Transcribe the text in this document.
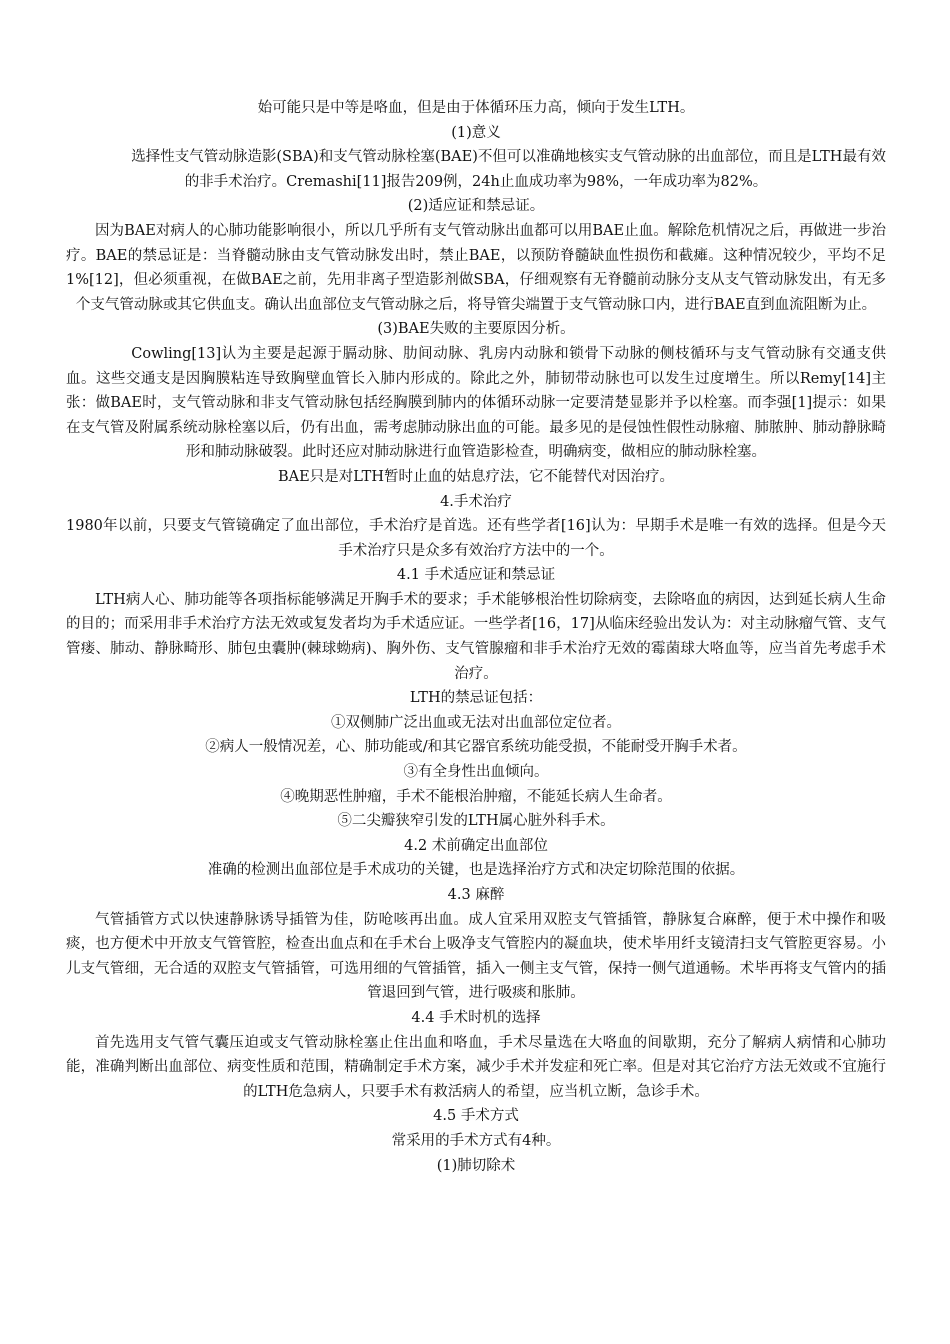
始可能只是中等是咯血，但是由于体循环压力高，倾向于发生LTH。

(1)意义

选择性支气管动脉造影(SBA)和支气管动脉栓塞(BAE)不但可以准确地核实支气管动脉的出血部位，而且是LTH最有效的非手术治疗。Cremashi[11]报告209例，24h止血成功率为98%，一年成功率为82%。

(2)适应证和禁忌证。

因为BAE对病人的心肺功能影响很小，所以几乎所有支气管动脉出血都可以用BAE止血。解除危机情况之后，再做进一步治疗。BAE的禁忌证是：当脊髓动脉由支气管动脉发出时，禁止BAE，以预防脊髓缺血性损伤和截瘫。这种情况较少，平均不足1%[12]，但必须重视，在做BAE之前，先用非离子型造影剂做SBA，仔细观察有无脊髓前动脉分支从支气管动脉发出，有无多个支气管动脉或其它供血支。确认出血部位支气管动脉之后，将导管尖端置于支气管动脉口内，进行BAE直到血流阻断为止。

(3)BAE失败的主要原因分析。

Cowling[13]认为主要是起源于膈动脉、肋间动脉、乳房内动脉和锁骨下动脉的侧枝循环与支气管动脉有交通支供血。这些交通支是因胸膜粘连导致胸壁血管长入肺内形成的。除此之外，肺韧带动脉也可以发生过度增生。所以Remy[14]主张：做BAE时，支气管动脉和非支气管动脉包括经胸膜到肺内的体循环动脉一定要清楚显影并予以栓塞。而李强[1]提示：如果在支气管及附属系统动脉栓塞以后，仍有出血，需考虑肺动脉出血的可能。最多见的是侵蚀性假性动脉瘤、肺脓肿、肺动静脉畸形和肺动脉破裂。此时还应对肺动脉进行血管造影检查，明确病变，做相应的肺动脉栓塞。

BAE只是对LTH暂时止血的姑息疗法，它不能替代对因治疗。

4.手术治疗

1980年以前，只要支气管镜确定了血出部位，手术治疗是首选。还有些学者[16]认为：早期手术是唯一有效的选择。但是今天手术治疗只是众多有效治疗方法中的一个。

4.1 手术适应证和禁忌证

LTH病人心、肺功能等各项指标能够满足开胸手术的要求；手术能够根治性切除病变，去除咯血的病因，达到延长病人生命的目的；而采用非手术治疗方法无效或复发者均为手术适应证。一些学者[16，17]从临床经验出发认为：对主动脉瘤气管、支气管瘘、肺动、静脉畸形、肺包虫囊肿(棘球蚴病)、胸外伤、支气管腺瘤和非手术治疗无效的霉菌球大咯血等，应当首先考虑手术治疗。

LTH的禁忌证包括：

①双侧肺广泛出血或无法对出血部位定位者。

②病人一般情况差，心、肺功能或/和其它器官系统功能受损，不能耐受开胸手术者。

③有全身性出血倾向。

④晚期恶性肿瘤，手术不能根治肿瘤，不能延长病人生命者。

⑤二尖瓣狭窄引发的LTH属心脏外科手术。

4.2 术前确定出血部位

准确的检测出血部位是手术成功的关键，也是选择治疗方式和决定切除范围的依据。

4.3 麻醉

气管插管方式以快速静脉诱导插管为佳，防呛咳再出血。成人宜采用双腔支气管插管，静脉复合麻醉，便于术中操作和吸痰，也方便术中开放支气管管腔，检查出血点和在手术台上吸净支气管腔内的凝血块，使术毕用纤支镜清扫支气管腔更容易。小儿支气管细，无合适的双腔支气管插管，可选用细的气管插管，插入一侧主支气管，保持一侧气道通畅。术毕再将支气管内的插管退回到气管，进行吸痰和胀肺。

4.4 手术时机的选择

首先选用支气管气囊压迫或支气管动脉栓塞止住出血和咯血，手术尽量选在大咯血的间歇期，充分了解病人病情和心肺功能，准确判断出血部位、病变性质和范围，精确制定手术方案，减少手术并发症和死亡率。但是对其它治疗方法无效或不宜施行的LTH危急病人，只要手术有救活病人的希望，应当机立断，急诊手术。

4.5 手术方式

常采用的手术方式有4种。

(1)肺切除术
